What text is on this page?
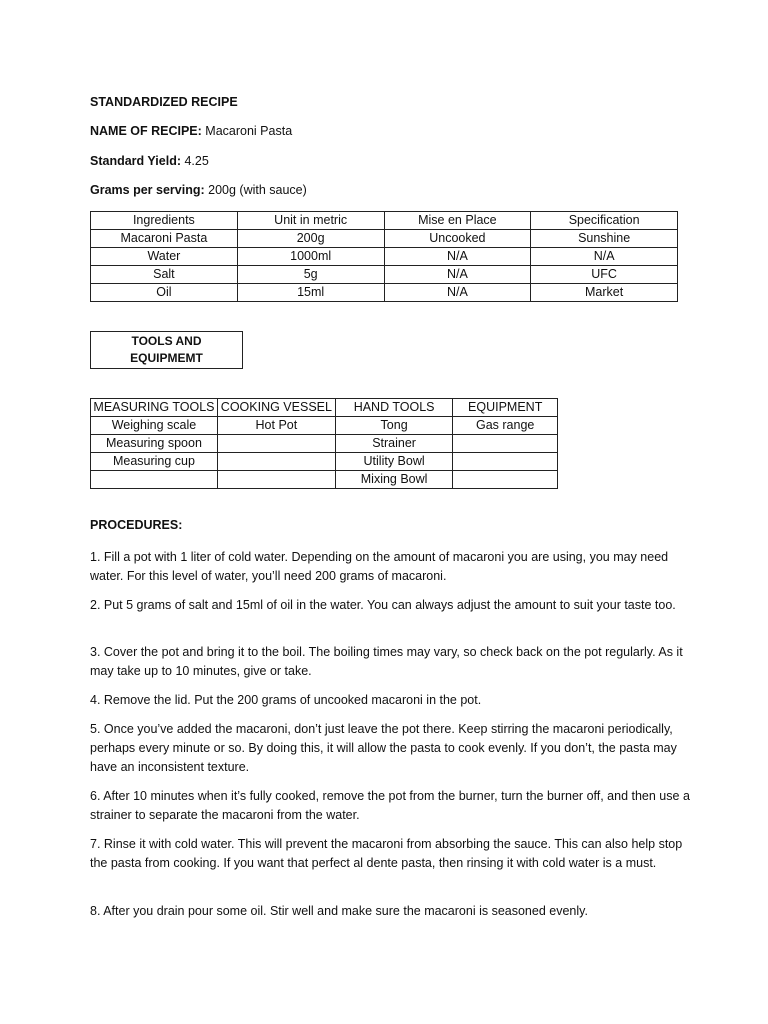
STANDARDIZED RECIPE
NAME OF RECIPE: Macaroni Pasta
Standard Yield: 4.25
Grams per serving: 200g (with sauce)
Ingredients	Unit in metric	Mise en Place	Specification
Macaroni Pasta	200g	Uncooked	Sunshine
Water	1000ml	N/A	N/A
Salt	5g	N/A	UFC
Oil	15ml	N/A	Market
TOOLS AND
EQUIPMEMT
MEASURING TOOLS	COOKING VESSEL	HAND TOOLS	EQUIPMENT
Weighing scale	Hot Pot	Tong	Gas range
Measuring spoon		Strainer	
Measuring cup		Utility Bowl	
		Mixing Bowl	
PROCEDURES:
1. Fill a pot with 1 liter of cold water. Depending on the amount of macaroni you are using, you may need water. For this level of water, you’ll need 200 grams of macaroni.
2. Put 5 grams of salt and 15ml of oil in the water. You can always adjust the amount to suit your taste too.
3. Cover the pot and bring it to the boil. The boiling times may vary, so check back on the pot regularly. As it may take up to 10 minutes, give or take.
4. Remove the lid. Put the 200 grams of uncooked macaroni in the pot.
5. Once you’ve added the macaroni, don’t just leave the pot there. Keep stirring the macaroni periodically, perhaps every minute or so. By doing this, it will allow the pasta to cook evenly. If you don’t, the pasta may have an inconsistent texture.
6. After 10 minutes when it’s fully cooked, remove the pot from the burner, turn the burner off, and then use a strainer to separate the macaroni from the water.
7. Rinse it with cold water. This will prevent the macaroni from absorbing the sauce. This can also help stop the pasta from cooking. If you want that perfect al dente pasta, then rinsing it with cold water is a must.
8. After you drain pour some oil. Stir well and make sure the macaroni is seasoned evenly.
